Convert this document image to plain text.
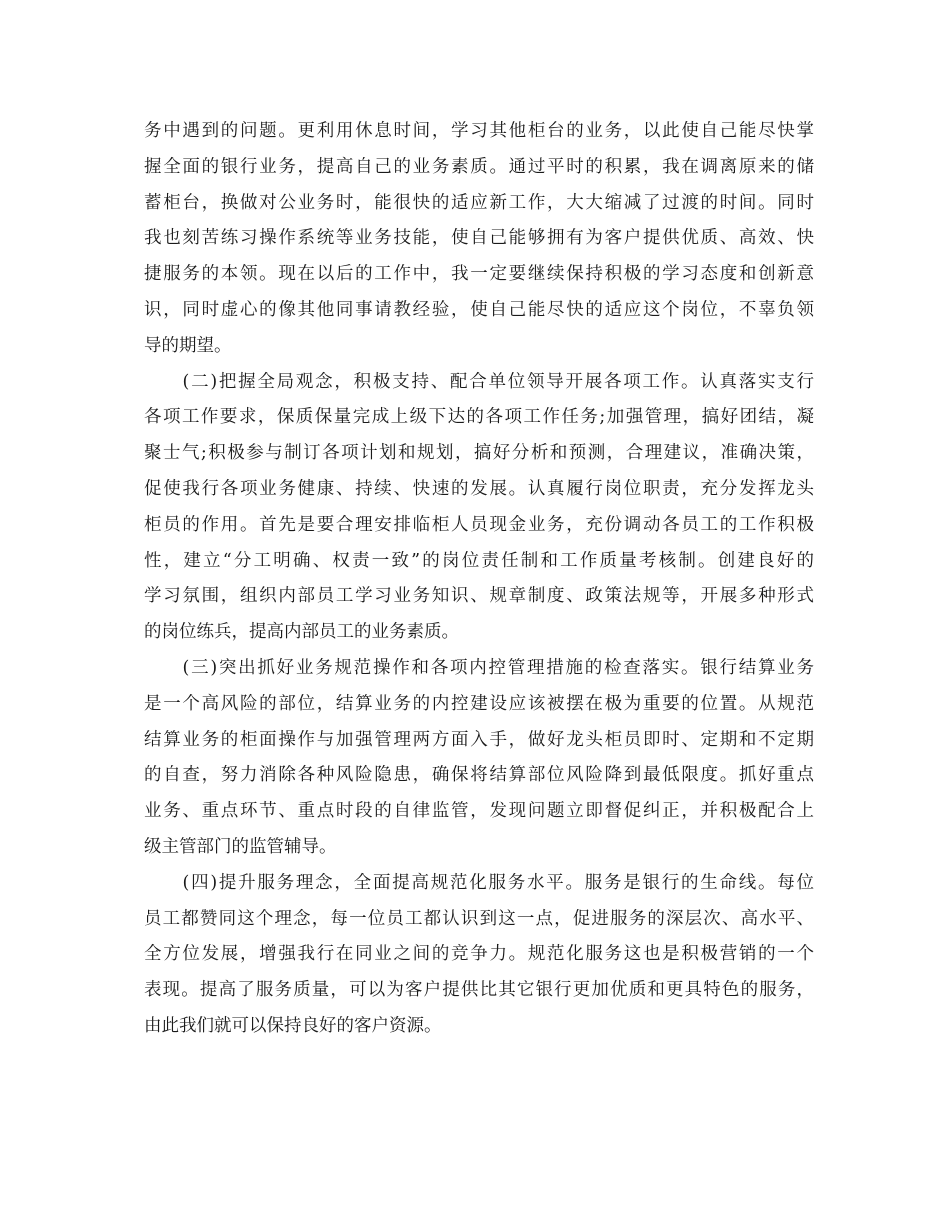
务中遇到的问题。更利用休息时间，学习其他柜台的业务，以此使自己能尽快掌
握全面的银行业务，提高自己的业务素质。通过平时的积累，我在调离原来的储
蓄柜台，换做对公业务时，能很快的适应新工作，大大缩减了过渡的时间。同时
我也刻苦练习操作系统等业务技能，使自己能够拥有为客户提供优质、高效、快
捷服务的本领。现在以后的工作中，我一定要继续保持积极的学习态度和创新意
识，同时虚心的像其他同事请教经验，使自己能尽快的适应这个岗位，不辜负领
导的期望。
　　(二)把握全局观念，积极支持、配合单位领导开展各项工作。认真落实支行
各项工作要求，保质保量完成上级下达的各项工作任务;加强管理，搞好团结，凝
聚士气;积极参与制订各项计划和规划，搞好分析和预测，合理建议，准确决策，
促使我行各项业务健康、持续、快速的发展。认真履行岗位职责，充分发挥龙头
柜员的作用。首先是要合理安排临柜人员现金业务，充份调动各员工的工作积极
性，建立“分工明确、权责一致”的岗位责任制和工作质量考核制。创建良好的
学习氛围，组织内部员工学习业务知识、规章制度、政策法规等，开展多种形式
的岗位练兵，提高内部员工的业务素质。
　　(三)突出抓好业务规范操作和各项内控管理措施的检查落实。银行结算业务
是一个高风险的部位，结算业务的内控建设应该被摆在极为重要的位置。从规范
结算业务的柜面操作与加强管理两方面入手，做好龙头柜员即时、定期和不定期
的自查，努力消除各种风险隐患，确保将结算部位风险降到最低限度。抓好重点
业务、重点环节、重点时段的自律监管，发现问题立即督促纠正，并积极配合上
级主管部门的监管辅导。
　　(四)提升服务理念，全面提高规范化服务水平。服务是银行的生命线。每位
员工都赞同这个理念，每一位员工都认识到这一点，促进服务的深层次、高水平、
全方位发展，增强我行在同业之间的竞争力。规范化服务这也是积极营销的一个
表现。提高了服务质量，可以为客户提供比其它银行更加优质和更具特色的服务，
由此我们就可以保持良好的客户资源。
